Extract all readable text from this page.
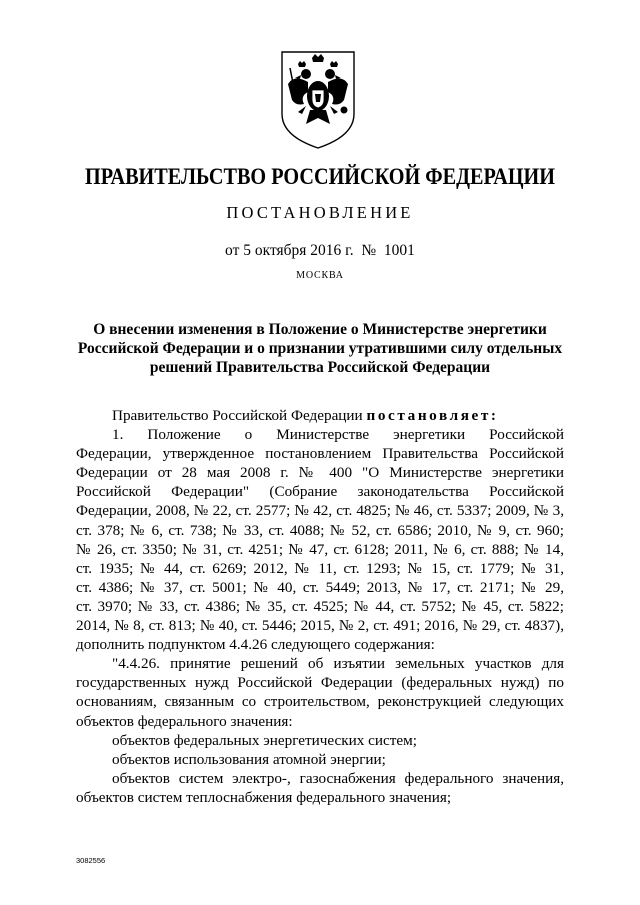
ПРАВИТЕЛЬСТВО РОССИЙСКОЙ ФЕДЕРАЦИИ
ПОСТАНОВЛЕНИЕ
от 5 октября 2016 г.  №  1001
МОСКВА
О внесении изменения в Положение о Министерстве энергетики
Российской Федерации и о признании утратившими силу отдельных
решений Правительства Российской Федерации
Правительство Российской Федерации постановляет:
1. Положение о Министерстве энергетики Российской
Федерации, утвержденное постановлением Правительства Российской
Федерации от 28 мая 2008 г. № 400 "О Министерстве энергетики
Российской Федерации" (Собрание законодательства Российской
Федерации, 2008, № 22, ст. 2577; № 42, ст. 4825; № 46, ст. 5337; 2009, № 3,
ст. 378; № 6, ст. 738; № 33, ст. 4088; № 52, ст. 6586; 2010, № 9, ст. 960;
№ 26, ст. 3350; № 31, ст. 4251; № 47, ст. 6128; 2011, № 6, ст. 888; № 14,
ст. 1935; № 44, ст. 6269; 2012, № 11, ст. 1293; № 15, ст. 1779; № 31,
ст. 4386; № 37, ст. 5001; № 40, ст. 5449; 2013, № 17, ст. 2171; № 29,
ст. 3970; № 33, ст. 4386; № 35, ст. 4525; № 44, ст. 5752; № 45, ст. 5822;
2014, № 8, ст. 813; № 40, ст. 5446; 2015, № 2, ст. 491; 2016, № 29, ст. 4837),
дополнить подпунктом 4.4.26 следующего содержания:
"4.4.26. принятие решений об изъятии земельных участков для
государственных нужд Российской Федерации (федеральных нужд) по
основаниям, связанным со строительством, реконструкцией следующих
объектов федерального значения:
объектов федеральных энергетических систем;
объектов использования атомной энергии;
объектов систем электро-, газоснабжения федерального значения,
объектов систем теплоснабжения федерального значения;
3082556
